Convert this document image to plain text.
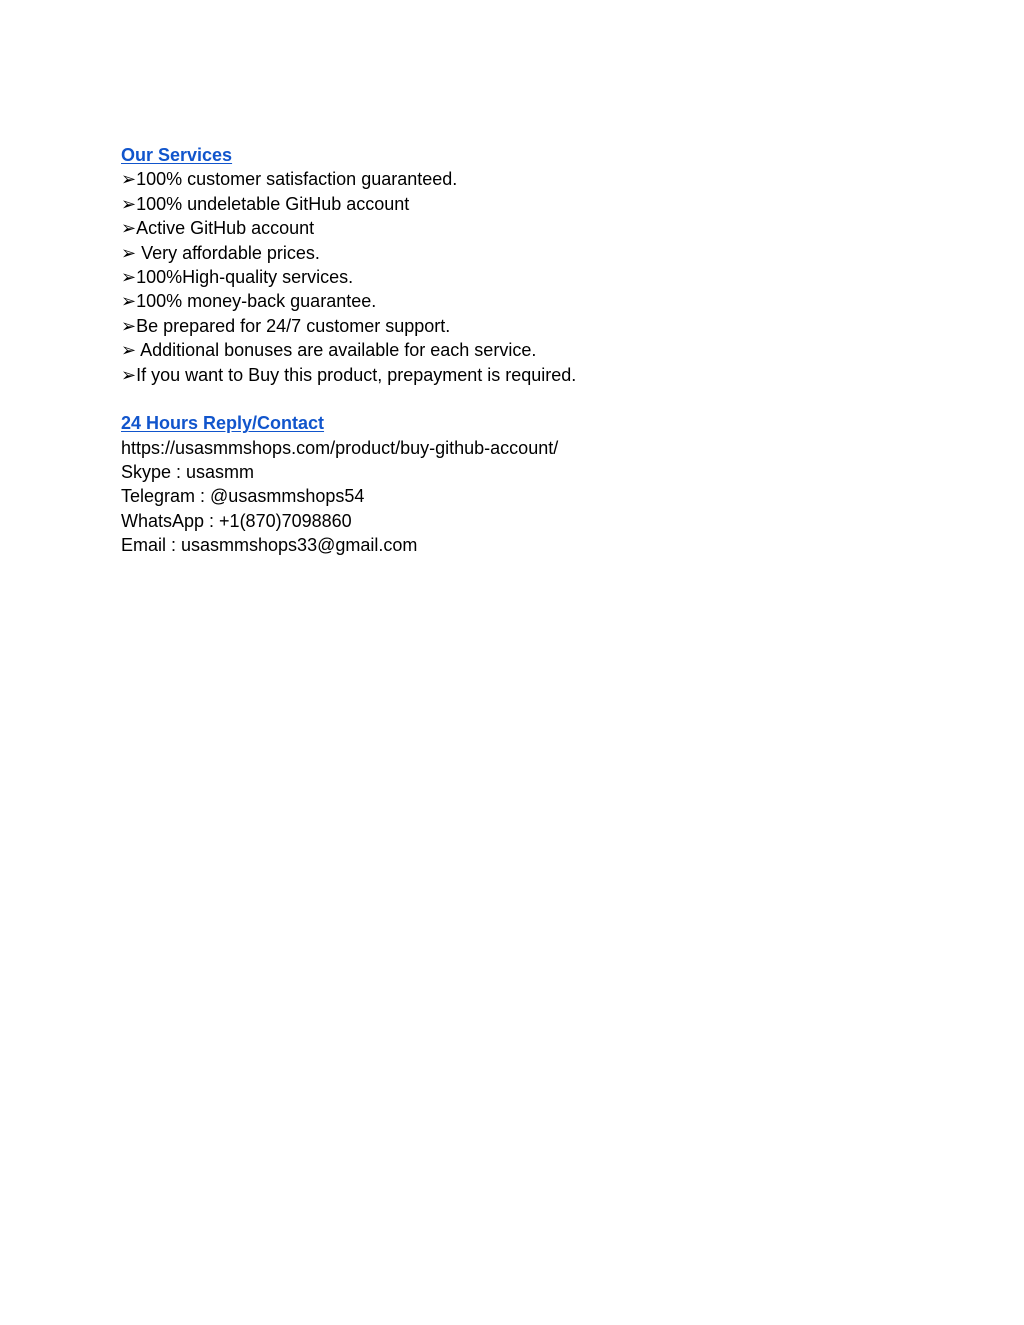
Our Services
➢100% customer satisfaction guaranteed.
➢100% undeletable GitHub account
➢Active GitHub account
➢ Very affordable prices.
➢100%High-quality services.
➢100% money-back guarantee.
➢Be prepared for 24/7 customer support.
➢ Additional bonuses are available for each service.
➢If you want to Buy this product, prepayment is required.
24 Hours Reply/Contact
https://usasmmshops.com/product/buy-github-account/
Skype : usasmm
Telegram : @usasmmshops54
WhatsApp : +1(870)7098860
Email : usasmmshops33@gmail.com
